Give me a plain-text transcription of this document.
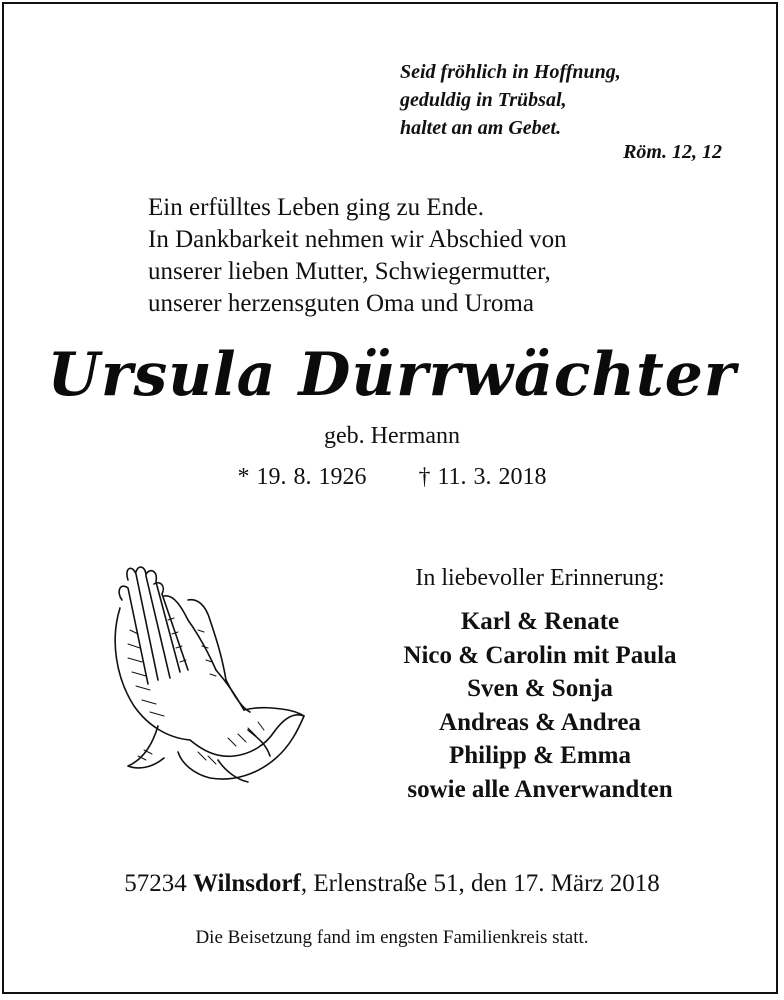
Seid fröhlich in Hoffnung,
geduldig in Trübsal,
haltet an am Gebet.
Röm. 12, 12
Ein erfülltes Leben ging zu Ende.
In Dankbarkeit nehmen wir Abschied von
unserer lieben Mutter, Schwiegermutter,
unserer herzensguten Oma und Uroma
Ursula Dürrwächter
geb. Hermann
* 19. 8. 1926 † 11. 3. 2018
In liebevoller Erinnerung:
Karl & Renate
Nico & Carolin mit Paula
Sven & Sonja
Andreas & Andrea
Philipp & Emma
sowie alle Anverwandten
57234 Wilnsdorf, Erlenstraße 51, den 17. März 2018
Die Beisetzung fand im engsten Familienkreis statt.
